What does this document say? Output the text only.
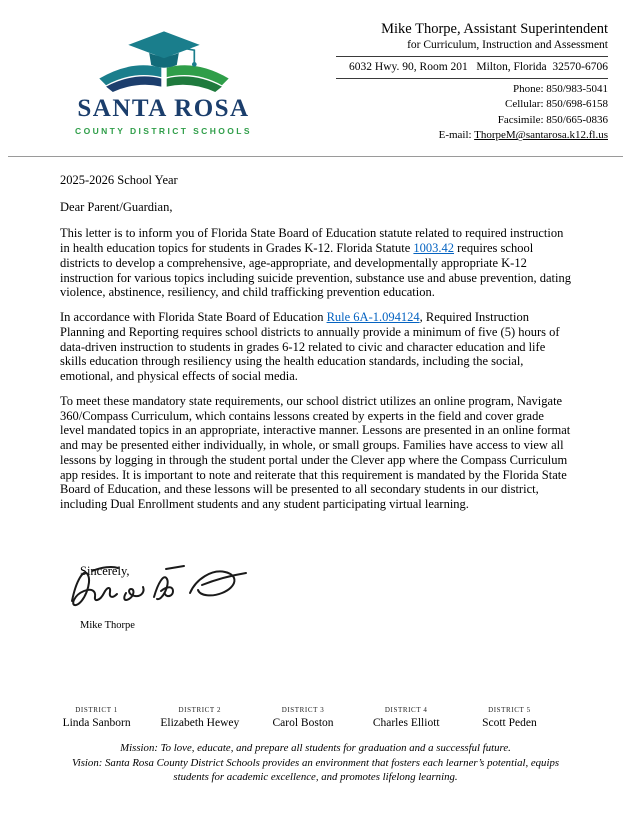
SANTA ROSA
COUNTY DISTRICT SCHOOLS
Mike Thorpe, Assistant Superintendent
for Curriculum, Instruction and Assessment
6032 Hwy. 90, Room 201   Milton, Florida  32570-6706
Phone: 850/983-5041
Cellular: 850/698-6158
Facsimile: 850/665-0836
E-mail: ThorpeM@santarosa.k12.fl.us

2025-2026 School Year

Dear Parent/Guardian,

This letter is to inform you of Florida State Board of Education statute related to required instruction in health education topics for students in Grades K-12. Florida Statute 1003.42 requires school districts to develop a comprehensive, age-appropriate, and developmentally appropriate K-12 instruction for various topics including suicide prevention, substance use and abuse prevention, dating violence, abstinence, resiliency, and child trafficking prevention education.

In accordance with Florida State Board of Education Rule 6A-1.094124, Required Instruction Planning and Reporting requires school districts to annually provide a minimum of five (5) hours of data-driven instruction to students in grades 6-12 related to civic and character education and life skills education through resiliency using the health education standards, including the social, emotional, and physical effects of social media.

To meet these mandatory state requirements, our school district utilizes an online program, Navigate 360/Compass Curriculum, which contains lessons created by experts in the field and cover grade level mandated topics in an appropriate, interactive manner. Lessons are presented in an online format and may be presented either individually, in whole, or small groups. Families have access to view all lessons by logging in through the student portal under the Clever app where the Compass Curriculum app resides. It is important to note and reiterate that this requirement is mandated by the Florida State Board of Education, and these lessons will be presented to all secondary students in our district, including Dual Enrollment students and any student participating virtual learning.

Sincerely,
Mike Thorpe
DISTRICT 1
Linda Sanborn
DISTRICT 2
Elizabeth Hewey
DISTRICT 3
Carol Boston
DISTRICT 4
Charles Elliott
DISTRICT 5
Scott Peden
Mission: To love, educate, and prepare all students for graduation and a successful future.
Vision: Santa Rosa County District Schools provides an environment that fosters each learner’s potential, equips students for academic excellence, and promotes lifelong learning.
